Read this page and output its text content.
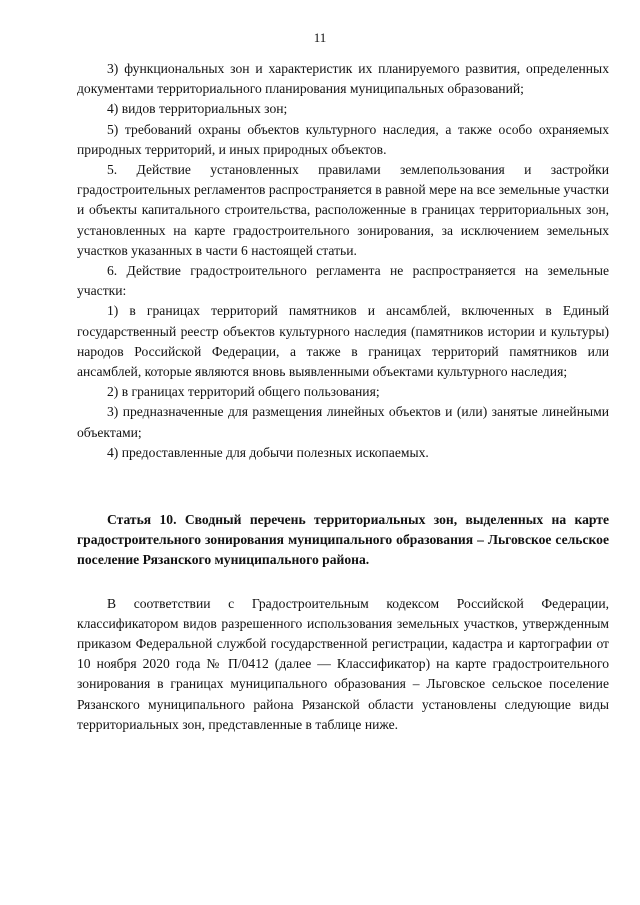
11

3) функциональных зон и характеристик их планируемого развития, определенных документами территориального планирования муниципальных образований;

4) видов территориальных зон;

5) требований охраны объектов культурного наследия, а также особо охраняемых природных территорий, и иных природных объектов.

5. Действие установленных правилами землепользования и застройки градостроительных регламентов распространяется в равной мере на все земельные участки и объекты капитального строительства, расположенные в границах территориальных зон, установленных на карте градостроительного зонирования, за исключением земельных участков указанных в части 6 настоящей статьи.

6. Действие градостроительного регламента не распространяется на земельные участки:

1) в границах территорий памятников и ансамблей, включенных в Единый государственный реестр объектов культурного наследия (памятников истории и культуры) народов Российской Федерации, а также в границах территорий памятников или ансамблей, которые являются вновь выявленными объектами культурного наследия;

2) в границах территорий общего пользования;

3) предназначенные для размещения линейных объектов и (или) занятые линейными объектами;

4) предоставленные для добычи полезных ископаемых.

Статья 10. Сводный перечень территориальных зон, выделенных на карте градостроительного зонирования муниципального образования – Льговское сельское поселение Рязанского муниципального района.

В соответствии с Градостроительным кодексом Российской Федерации, классификатором видов разрешенного использования земельных участков, утвержденным приказом Федеральной службой государственной регистрации, кадастра и картографии от 10 ноября 2020 года № П/0412 (далее — Классификатор) на карте градостроительного зонирования в границах муниципального образования – Льговское сельское поселение Рязанского муниципального района Рязанской области установлены следующие виды территориальных зон, представленные в таблице ниже.
